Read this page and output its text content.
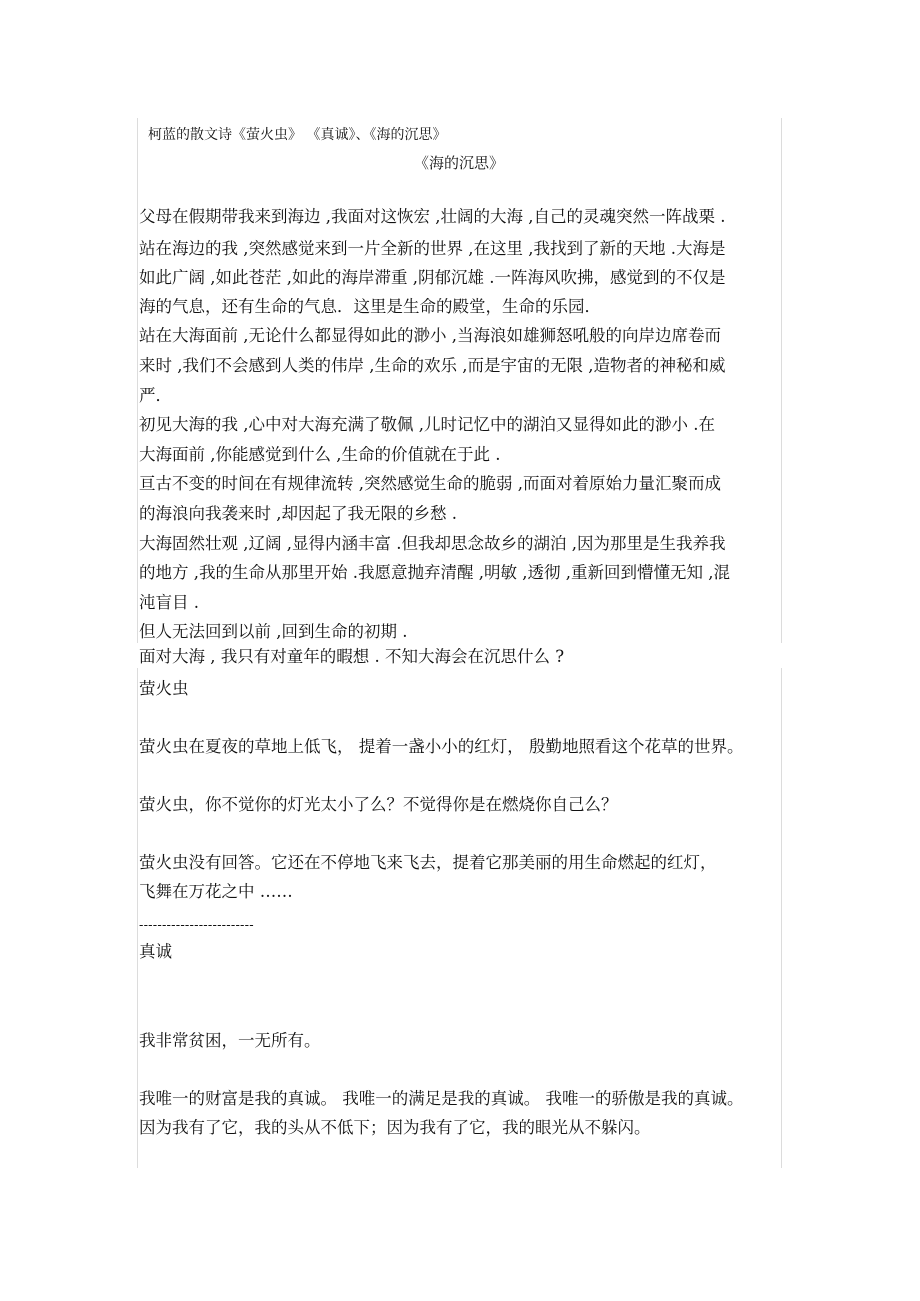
柯蓝的散文诗《萤火虫》 《真诚》、《海的沉思》
《海的沉思》
父母在假期带我来到海边 ,我面对这恢宏 ,壮阔的大海 ,自己的灵魂突然一阵战栗 .
站在海边的我 ,突然感觉来到一片全新的世界 ,在这里 ,我找到了新的天地 .大海是
如此广阔 ,如此苍茫 ,如此的海岸滞重 ,阴郁沉雄 .一阵海风吹拂，感觉到的不仅是
海的气息，还有生命的气息．这里是生命的殿堂，生命的乐园．
站在大海面前 ,无论什么都显得如此的渺小 ,当海浪如雄狮怒吼般的向岸边席卷而
来时 ,我们不会感到人类的伟岸 ,生命的欢乐 ,而是宇宙的无限 ,造物者的神秘和威
严．
初见大海的我 ,心中对大海充满了敬佩 ,儿时记忆中的湖泊又显得如此的渺小 .在
大海面前 ,你能感觉到什么 ,生命的价值就在于此 .
亘古不变的时间在有规律流转 ,突然感觉生命的脆弱 ,而面对着原始力量汇聚而成
的海浪向我袭来时 ,却因起了我无限的乡愁 .
大海固然壮观 ,辽阔 ,显得内涵丰富 .但我却思念故乡的湖泊 ,因为那里是生我养我
的地方 ,我的生命从那里开始 .我愿意抛弃清醒 ,明敏 ,透彻 ,重新回到懵懂无知 ,混
沌盲目 .
但人无法回到以前 ,回到生命的初期 .
面对大海 , 我只有对童年的暇想 . 不知大海会在沉思什么 ?
萤火虫
萤火虫在夏夜的草地上低飞， 提着一盏小小的红灯， 殷勤地照看这个花草的世界。
萤火虫，你不觉你的灯光太小了么？不觉得你是在燃烧你自己么？
萤火虫没有回答。它还在不停地飞来飞去，提着它那美丽的用生命燃起的红灯，
飞舞在万花之中 ……
-------------------------
真诚
我非常贫困，一无所有。
我唯一的财富是我的真诚。 我唯一的满足是我的真诚。 我唯一的骄傲是我的真诚。
因为我有了它，我的头从不低下；因为我有了它，我的眼光从不躲闪。
